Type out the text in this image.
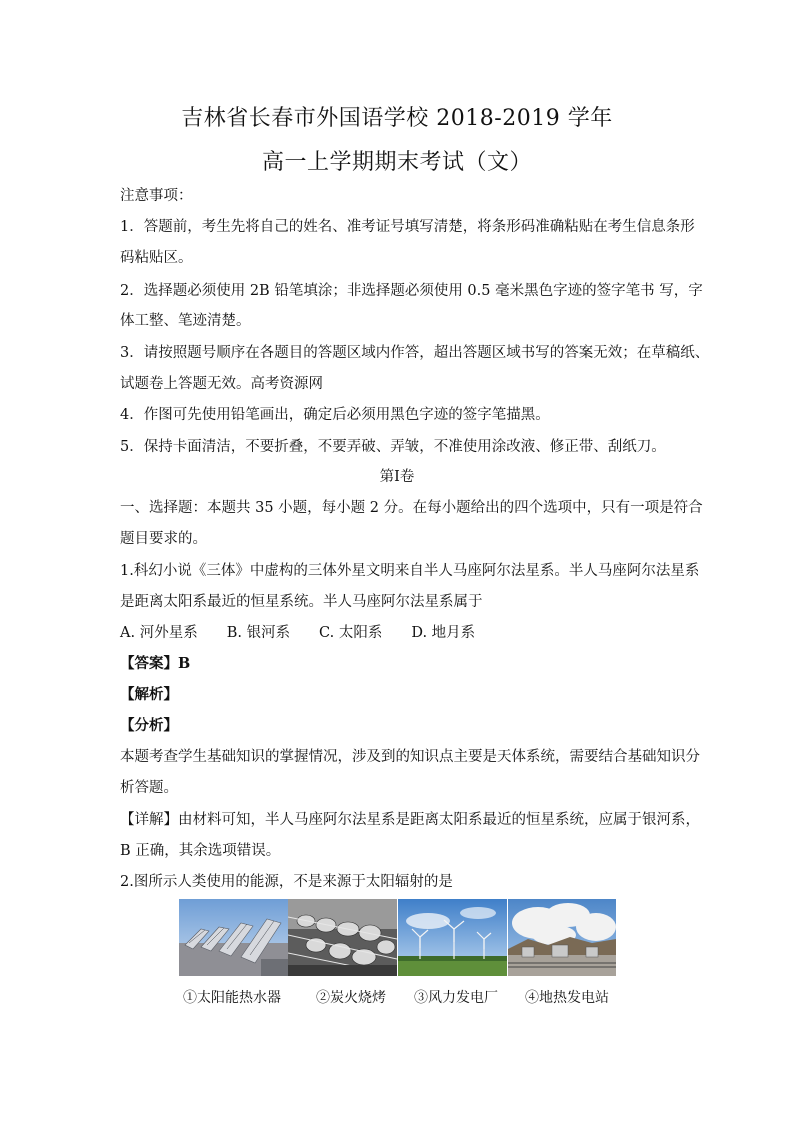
吉林省长春市外国语学校 2018-2019 学年
高一上学期期末考试（文）
注意事项：
1．答题前，考生先将自己的姓名、准考证号填写清楚，将条形码准确粘贴在考生信息条形
码粘贴区。
2．选择题必须使用 2B 铅笔填涂；非选择题必须使用 0.5 毫米黑色字迹的签字笔书 写，字
体工整、笔迹清楚。
3．请按照题号顺序在各题目的答题区域内作答，超出答题区域书写的答案无效；在草稿纸、
试题卷上答题无效。高考资源网
4．作图可先使用铅笔画出，确定后必须用黑色字迹的签字笔描黑。
5．保持卡面清洁，不要折叠，不要弄破、弄皱，不准使用涂改液、修正带、刮纸刀。
第Ⅰ卷
一、选择题：本题共 35 小题，每小题 2 分。在每小题给出的四个选项中，只有一项是符合
题目要求的。
1.科幻小说《三体》中虚构的三体外星文明来自半人马座阿尔法星系。半人马座阿尔法星系
是距离太阳系最近的恒星系统。半人马座阿尔法星系属于
A. 河外星系　　B. 银河系　　C. 太阳系　　D. 地月系
【答案】B
【解析】
【分析】
本题考查学生基础知识的掌握情况，涉及到的知识点主要是天体系统，需要结合基础知识分
析答题。
【详解】由材料可知，半人马座阿尔法星系是距离太阳系最近的恒星系统，应属于银河系，
B 正确，其余选项错误。
2.图所示人类使用的能源，不是来源于太阳辐射的是
①太阳能热水器	②炭火烧烤 ③风力发电厂 ④地热发电站
